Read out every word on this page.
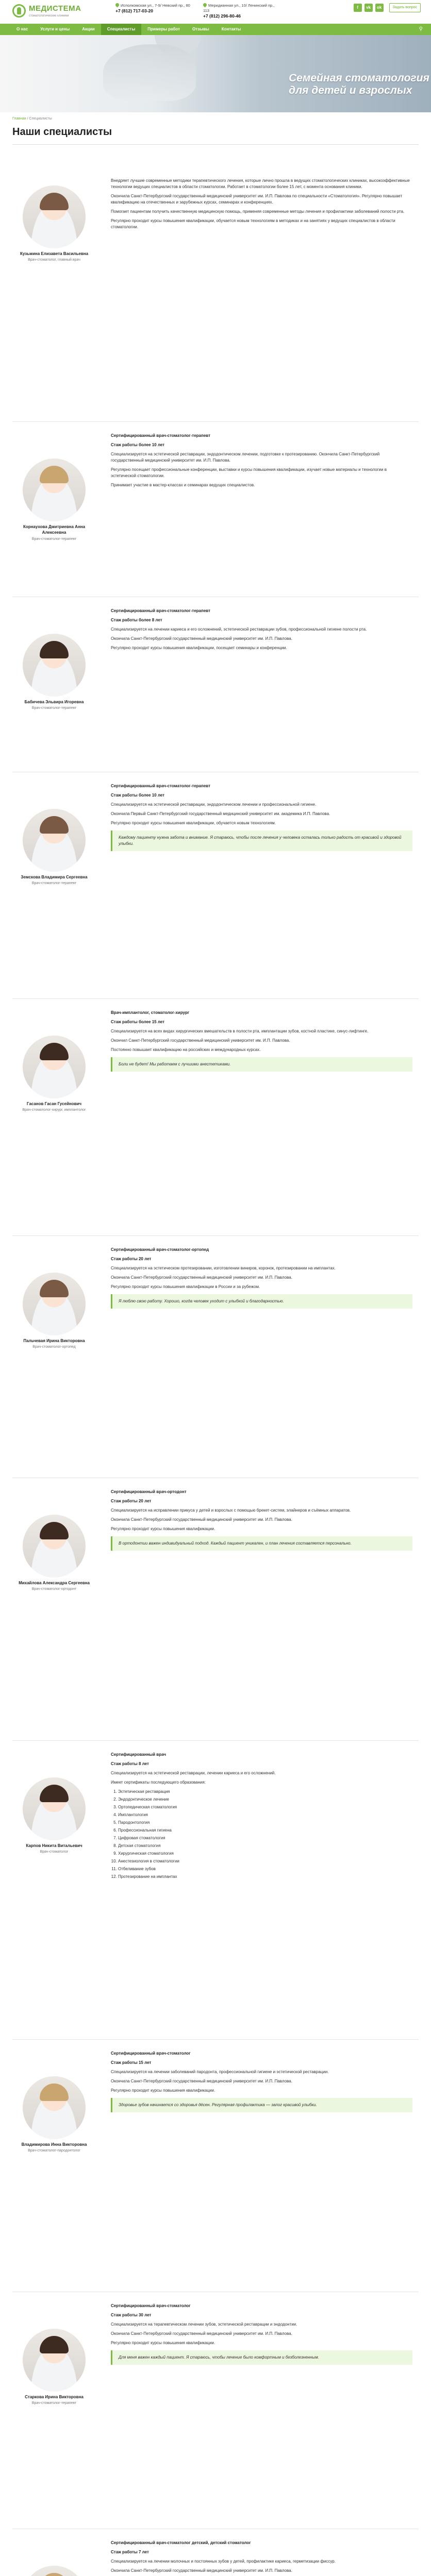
МЕДИСТЕМА
стоматологические клиники
Исполкомская ул., 7-9/ Невский пр., 80
+7 (812) 717-03-20
Меридианная ул., 10/ Ленинский пр., 113
+7 (812) 296-80-46
f	vk	ok	Задать вопрос
О нас	Услуги и цены	Акции	Специалисты	Примеры работ	Отзывы	Контакты	⚲
Семейная стоматология для детей и взрослых
Главная / Специалисты
Наши специалисты
Кузьмина Елизавета Васильевна
Врач-стоматолог, главный врач

Внедряет лучшие современные методики терапевтического лечения, которые лично прошла в ведущих стоматологических клиниках, высокоэффективные технологии ведущих специалистов в области стоматологии. Работает в стоматологии более 15 лет, с момента основания клиники.

Окончила Санкт-Петербургский государственный медицинский университет им. И.П. Павлова по специальности «Стоматология». Регулярно повышает квалификацию на отечественных и зарубежных курсах, семинарах и конференциях.

Помогает пациентам получить качественную медицинскую помощь, применяя современные методы лечения и профилактики заболеваний полости рта.

Регулярно проходит курсы повышения квалификации, обучается новым технологиям в методиках и на занятиях у ведущих специалистов в области стоматологии.

Корнаухова Дмитриевна Анна Алексеевна
Врач-стоматолог-терапевт

Сертифицированный врач-стоматолог-терапевт

Стаж работы более 10 лет

Специализируется на эстетической реставрации, эндодонтическом лечении, подготовке к протезированию. Окончила Санкт-Петербургский государственный медицинский университет им. И.П. Павлова.

Регулярно посещает профессиональные конференции, выставки и курсы повышения квалификации, изучает новые материалы и технологии в эстетической стоматологии.

Принимает участие в мастер-классах и семинарах ведущих специалистов.

Бабичева Эльвира Игоревна
Врач-стоматолог-терапевт

Сертифицированный врач-стоматолог-терапевт

Стаж работы более 8 лет

Специализируется на лечении кариеса и его осложнений, эстетической реставрации зубов, профессиональной гигиене полости рта.

Окончила Санкт-Петербургский государственный медицинский университет им. И.П. Павлова.

Регулярно проходит курсы повышения квалификации, посещает семинары и конференции.

Земскова Владимира Сергеевна
Врач-стоматолог-терапевт

Сертифицированный врач-стоматолог-терапевт

Стаж работы более 10 лет

Специализируется на эстетической реставрации, эндодонтическом лечении и профессиональной гигиене.

Окончила Первый Санкт-Петербургский государственный медицинский университет им. академика И.П. Павлова.

Регулярно проходит курсы повышения квалификации, обучается новым технологиям.

Каждому пациенту нужна забота и внимание. Я стараюсь, чтобы после лечения у человека осталась только радость от красивой и здоровой улыбки.
Гасанов Гасан Гусейнович
Врач-стоматолог-хирург, имплантолог

Врач-имплантолог, стоматолог-хирург

Стаж работы более 15 лет

Специализируется на всех видах хирургических вмешательств в полости рта, имплантации зубов, костной пластике, синус-лифтинге.

Окончил Санкт-Петербургский государственный медицинский университет им. И.П. Павлова.

Постоянно повышает квалификацию на российских и международных курсах.

Боли не будет! Мы работаем с лучшими анестетиками.
Пальчевая Ирина Викторовна
Врач-стоматолог-ортопед

Сертифицированный врач-стоматолог-ортопед

Стаж работы 20 лет

Специализируется на эстетическом протезировании, изготовлении виниров, коронок, протезировании на имплантах.

Окончила Санкт-Петербургский государственный медицинский университет им. И.П. Павлова.

Регулярно проходит курсы повышения квалификации в России и за рубежом.

Я люблю свою работу. Хорошо, когда человек уходит с улыбкой и благодарностью.
Михайлова Александра Сергеевна
Врач-стоматолог-ортодонт

Сертифицированный врач-ортодонт

Стаж работы 20 лет

Специализируется на исправлении прикуса у детей и взрослых с помощью брекет-систем, элайнеров и съёмных аппаратов.

Окончила Санкт-Петербургский государственный медицинский университет им. И.П. Павлова.

Регулярно проходит курсы повышения квалификации.

В ортодонтии важен индивидуальный подход. Каждый пациент уникален, и план лечения составляется персонально.
Карпов Никита Витальевич
Врач-стоматолог

Сертифицированный врач

Стаж работы 8 лет

Специализируется на эстетической реставрации, лечении кариеса и его осложнений.

Имеет сертификаты последующего образования:

1. Эстетическая реставрация
2. Эндодонтическое лечение
3. Ортопедическая стоматология
4. Имплантология
5. Пародонтология
6. Профессиональная гигиена
7. Цифровая стоматология
8. Детская стоматология
9. Хирургическая стоматология
10. Анестезиология в стоматологии
11. Отбеливание зубов
12. Протезирование на имплантах
Владимирова Инна Викторовна
Врач-стоматолог-пародонтолог

Сертифицированный врач-стоматолог

Стаж работы 15 лет

Специализируется на лечении заболеваний пародонта, профессиональной гигиене и эстетической реставрации.

Окончила Санкт-Петербургский государственный медицинский университет им. И.П. Павлова.

Регулярно проходит курсы повышения квалификации.

Здоровье зубов начинается со здоровья дёсен. Регулярная профилактика — залог красивой улыбки.
Старкова Ирина Викторовна
Врач-стоматолог-терапевт

Сертифицированный врач-стоматолог

Стаж работы 30 лет

Специализируется на терапевтическом лечении зубов, эстетической реставрации и эндодонтии.

Окончила Санкт-Петербургский государственный медицинский университет им. И.П. Павлова.

Регулярно проходит курсы повышения квалификации.

Для меня важен каждый пациент. Я стараюсь, чтобы лечение было комфортным и безболезненным.

Сертифицированный врач-стоматолог детский, детский стоматолог

Стаж работы 7 лет

Специализируется на лечении молочных и постоянных зубов у детей, профилактике кариеса, герметизации фиссур.

Окончила Санкт-Петербургский государственный медицинский университет им. И.П. Павлова.
